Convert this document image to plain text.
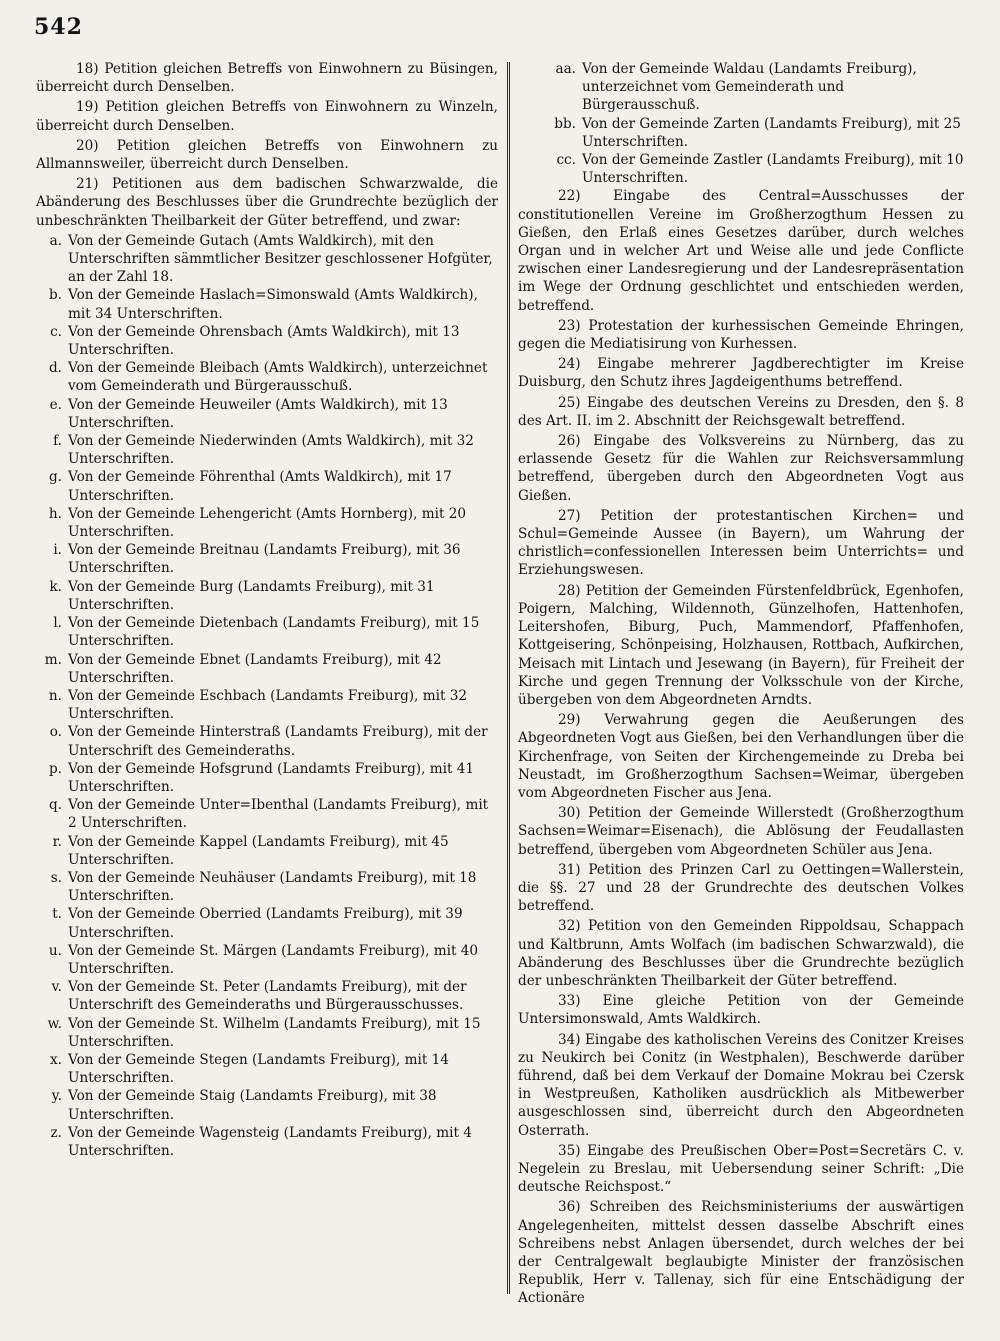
542

18) Petition gleichen Betreffs von Einwohnern zu Büsingen, überreicht durch Denselben.

19) Petition gleichen Betreffs von Einwohnern zu Winzeln, überreicht durch Denselben.

20) Petition gleichen Betreffs von Einwohnern zu Allmannsweiler, überreicht durch Denselben.

21) Petitionen aus dem badischen Schwarzwalde, die Abänderung des Beschlusses über die Grundrechte bezüglich der unbeschränkten Theilbarkeit der Güter betreffend, und zwar:

a. Von der Gemeinde Gutach (Amts Waldkirch), mit den Unterschriften sämmtlicher Besitzer geschlossener Hofgüter, an der Zahl 18.
b. Von der Gemeinde Haslach=Simonswald (Amts Waldkirch), mit 34 Unterschriften.
c. Von der Gemeinde Ohrensbach (Amts Waldkirch), mit 13 Unterschriften.
d. Von der Gemeinde Bleibach (Amts Waldkirch), unterzeichnet vom Gemeinderath und Bürgerausschuß.
e. Von der Gemeinde Heuweiler (Amts Waldkirch), mit 13 Unterschriften.
f. Von der Gemeinde Niederwinden (Amts Waldkirch), mit 32 Unterschriften.
g. Von der Gemeinde Föhrenthal (Amts Waldkirch), mit 17 Unterschriften.
h. Von der Gemeinde Lehengericht (Amts Hornberg), mit 20 Unterschriften.
i. Von der Gemeinde Breitnau (Landamts Freiburg), mit 36 Unterschriften.
k. Von der Gemeinde Burg (Landamts Freiburg), mit 31 Unterschriften.
l. Von der Gemeinde Dietenbach (Landamts Freiburg), mit 15 Unterschriften.
m. Von der Gemeinde Ebnet (Landamts Freiburg), mit 42 Unterschriften.
n. Von der Gemeinde Eschbach (Landamts Freiburg), mit 32 Unterschriften.
o. Von der Gemeinde Hinterstraß (Landamts Freiburg), mit der Unterschrift des Gemeinderaths.
p. Von der Gemeinde Hofsgrund (Landamts Freiburg), mit 41 Unterschriften.
q. Von der Gemeinde Unter=Ibenthal (Landamts Freiburg), mit 2 Unterschriften.
r. Von der Gemeinde Kappel (Landamts Freiburg), mit 45 Unterschriften.
s. Von der Gemeinde Neuhäuser (Landamts Freiburg), mit 18 Unterschriften.
t. Von der Gemeinde Oberried (Landamts Freiburg), mit 39 Unterschriften.
u. Von der Gemeinde St. Märgen (Landamts Freiburg), mit 40 Unterschriften.
v. Von der Gemeinde St. Peter (Landamts Freiburg), mit der Unterschrift des Gemeinderaths und Bürgerausschusses.
w. Von der Gemeinde St. Wilhelm (Landamts Freiburg), mit 15 Unterschriften.
x. Von der Gemeinde Stegen (Landamts Freiburg), mit 14 Unterschriften.
y. Von der Gemeinde Staig (Landamts Freiburg), mit 38 Unterschriften.
z. Von der Gemeinde Wagensteig (Landamts Freiburg), mit 4 Unterschriften.
aa. Von der Gemeinde Waldau (Landamts Freiburg), unterzeichnet vom Gemeinderath und Bürgerausschuß.
bb. Von der Gemeinde Zarten (Landamts Freiburg), mit 25 Unterschriften.
cc. Von der Gemeinde Zastler (Landamts Freiburg), mit 10 Unterschriften.

22) Eingabe des Central=Ausschusses der constitutionellen Vereine im Großherzogthum Hessen zu Gießen, den Erlaß eines Gesetzes darüber, durch welches Organ und in welcher Art und Weise alle und jede Conflicte zwischen einer Landesregierung und der Landesrepräsentation im Wege der Ordnung geschlichtet und entschieden werden, betreffend.

23) Protestation der kurhessischen Gemeinde Ehringen, gegen die Mediatisirung von Kurhessen.

24) Eingabe mehrerer Jagdberechtigter im Kreise Duisburg, den Schutz ihres Jagdeigenthums betreffend.

25) Eingabe des deutschen Vereins zu Dresden, den §. 8 des Art. II. im 2. Abschnitt der Reichsgewalt betreffend.

26) Eingabe des Volksvereins zu Nürnberg, das zu erlassende Gesetz für die Wahlen zur Reichsversammlung betreffend, übergeben durch den Abgeordneten Vogt aus Gießen.

27) Petition der protestantischen Kirchen= und Schul=Gemeinde Aussee (in Bayern), um Wahrung der christlich=confessionellen Interessen beim Unterrichts= und Erziehungswesen.

28) Petition der Gemeinden Fürstenfeldbrück, Egenhofen, Poigern, Malching, Wildennoth, Günzelhofen, Hattenhofen, Leitershofen, Biburg, Puch, Mammendorf, Pfaffenhofen, Kottgeisering, Schönpeising, Holzhausen, Rottbach, Aufkirchen, Meisach mit Lintach und Jesewang (in Bayern), für Freiheit der Kirche und gegen Trennung der Volksschule von der Kirche, übergeben von dem Abgeordneten Arndts.

29) Verwahrung gegen die Aeußerungen des Abgeordneten Vogt aus Gießen, bei den Verhandlungen über die Kirchenfrage, von Seiten der Kirchengemeinde zu Dreba bei Neustadt, im Großherzogthum Sachsen=Weimar, übergeben vom Abgeordneten Fischer aus Jena.

30) Petition der Gemeinde Willerstedt (Großherzogthum Sachsen=Weimar=Eisenach), die Ablösung der Feudallasten betreffend, übergeben vom Abgeordneten Schüler aus Jena.

31) Petition des Prinzen Carl zu Oettingen=Wallerstein, die §§. 27 und 28 der Grundrechte des deutschen Volkes betreffend.

32) Petition von den Gemeinden Rippoldsau, Schappach und Kaltbrunn, Amts Wolfach (im badischen Schwarzwald), die Abänderung des Beschlusses über die Grundrechte bezüglich der unbeschränkten Theilbarkeit der Güter betreffend.

33) Eine gleiche Petition von der Gemeinde Untersimonswald, Amts Waldkirch.

34) Eingabe des katholischen Vereins des Conitzer Kreises zu Neukirch bei Conitz (in Westphalen), Beschwerde darüber führend, daß bei dem Verkauf der Domaine Mokrau bei Czersk in Westpreußen, Katholiken ausdrücklich als Mitbewerber ausgeschlossen sind, überreicht durch den Abgeordneten Osterrath.

35) Eingabe des Preußischen Ober=Post=Secretärs C. v. Negelein zu Breslau, mit Uebersendung seiner Schrift: „Die deutsche Reichspost.“

36) Schreiben des Reichsministeriums der auswärtigen Angelegenheiten, mittelst dessen dasselbe Abschrift eines Schreibens nebst Anlagen übersendet, durch welches der bei der Centralgewalt beglaubigte Minister der französischen Republik, Herr v. Tallenay, sich für eine Entschädigung der Actionäre
